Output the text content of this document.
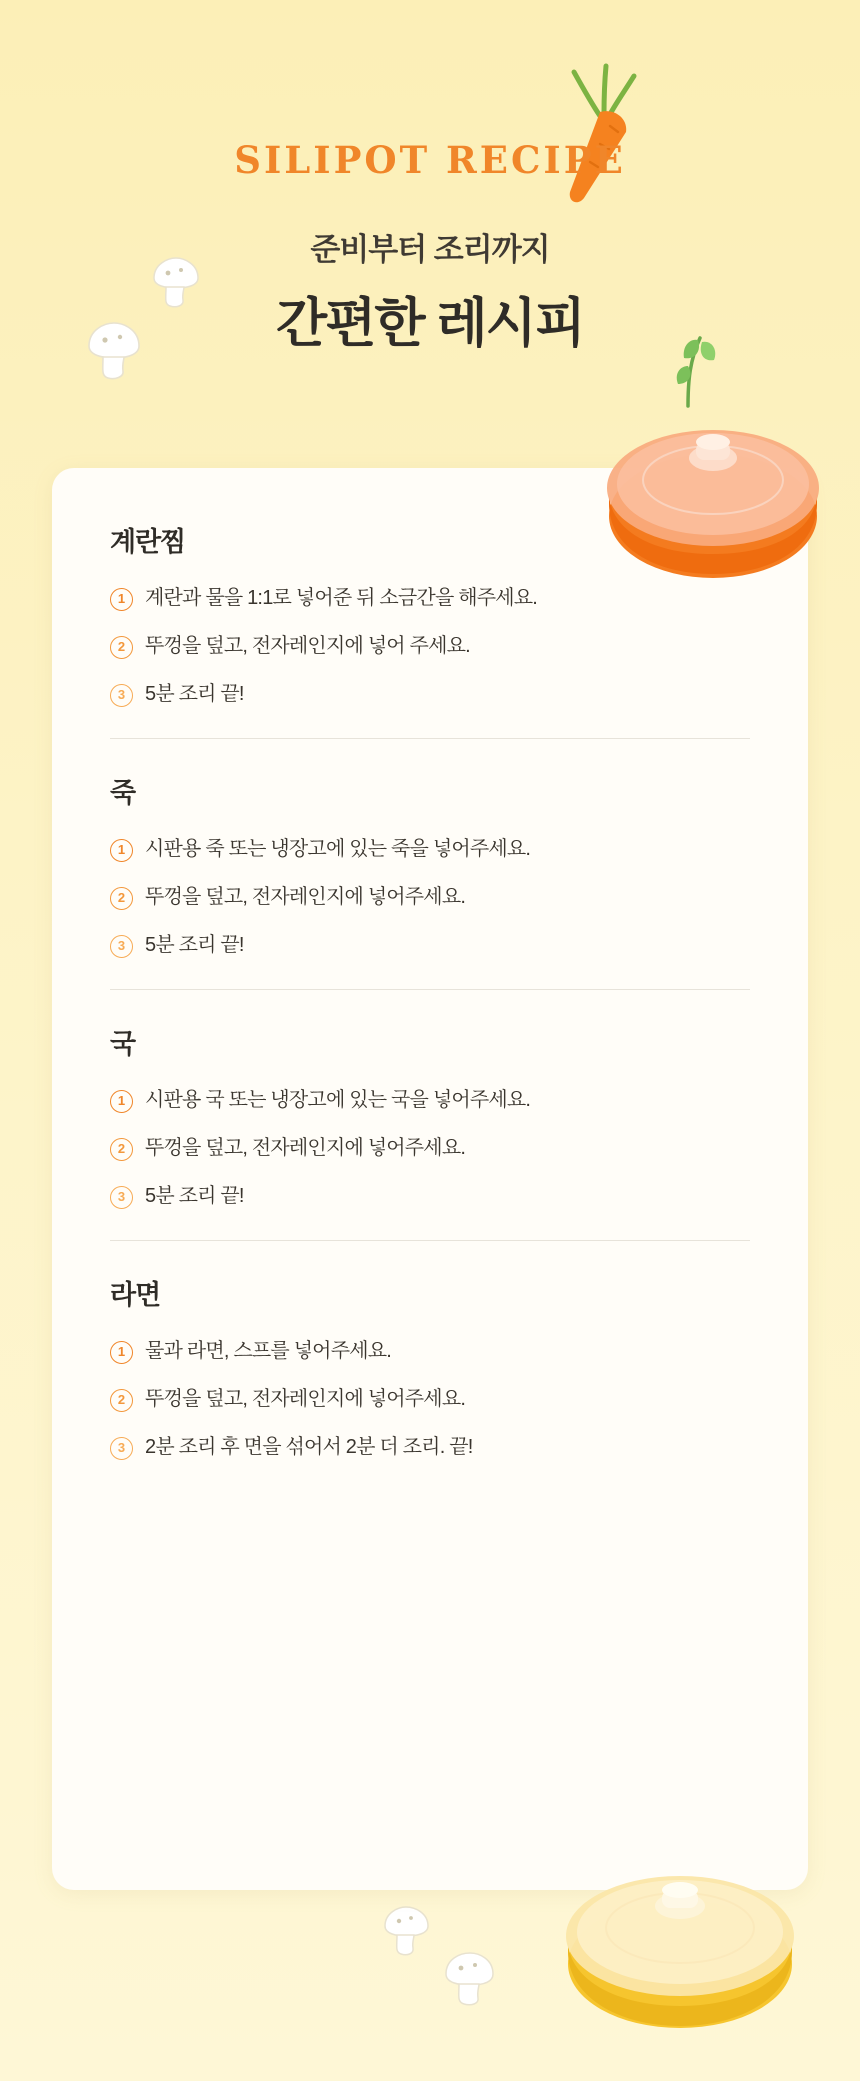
SILIPOT RECIPE
준비부터 조리까지
간편한 레시피
계란찜
1 계란과 물을 1:1로 넣어준 뒤 소금간을 해주세요.
2 뚜껑을 덮고, 전자레인지에 넣어 주세요.
3 5분 조리 끝!
죽
1 시판용 죽 또는 냉장고에 있는 죽을 넣어주세요.
2 뚜껑을 덮고, 전자레인지에 넣어주세요.
3 5분 조리 끝!
국
1 시판용 국 또는 냉장고에 있는 국을 넣어주세요.
2 뚜껑을 덮고, 전자레인지에 넣어주세요.
3 5분 조리 끝!
라면
1 물과 라면, 스프를 넣어주세요.
2 뚜껑을 덮고, 전자레인지에 넣어주세요.
3 2분 조리 후 면을 섞어서 2분 더 조리. 끝!
